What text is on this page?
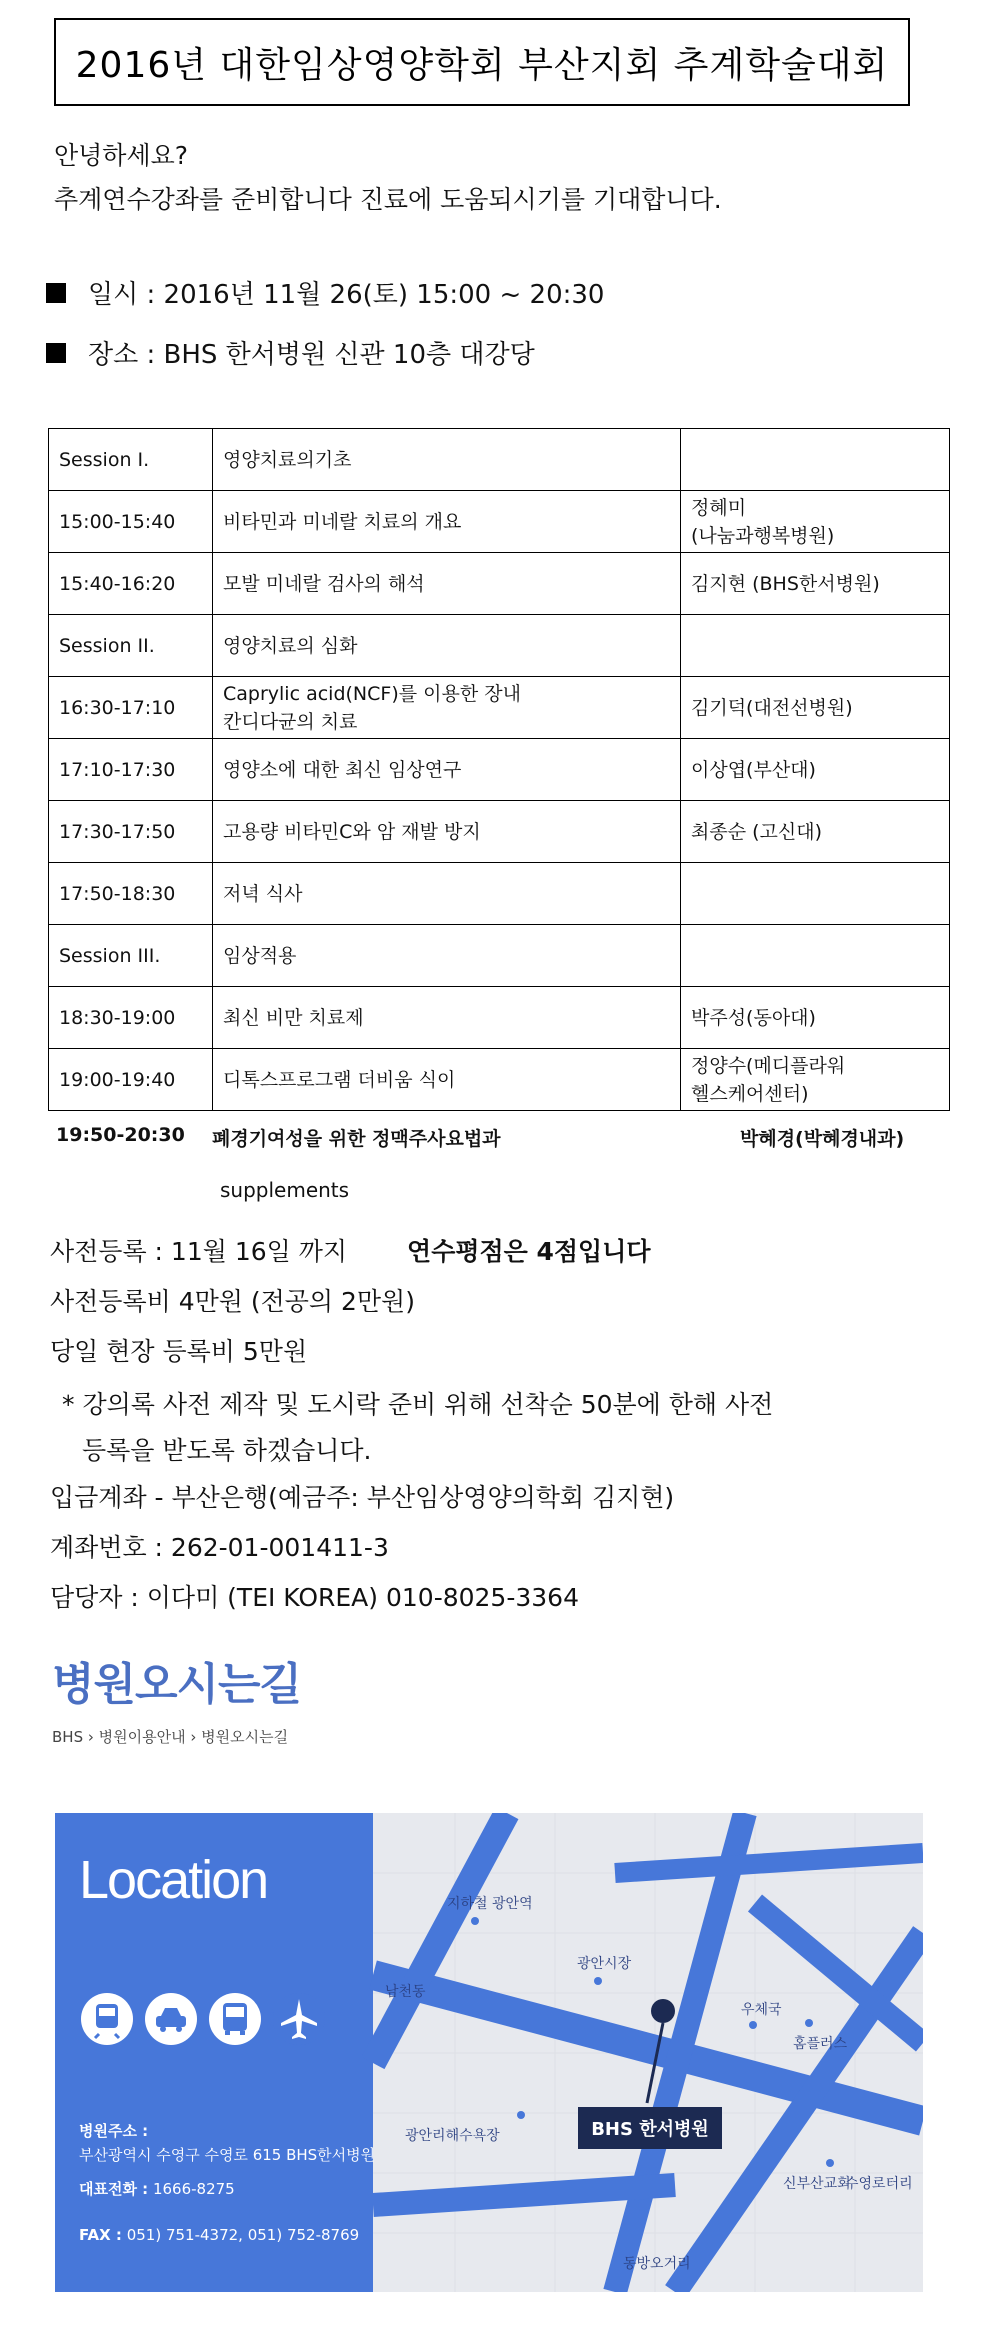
2016년 대한임상영양학회 부산지회 추계학술대회
안녕하세요?
추계연수강좌를 준비합니다 진료에 도움되시기를 기대합니다.
일시 : 2016년 11월 26(토) 15:00 ~ 20:30
장소 : BHS 한서병원 신관 10층 대강당
Session I.	영양치료의기초	
15:00-15:40	비타민과 미네랄 치료의 개요	정혜미
(나눔과행복병원)

15:40-16:20	모발 미네랄 검사의 해석	김지현 (BHS한서병원)
Session II.	영양치료의 심화	
16:30-17:10	Caprylic acid(NCF)를 이용한 장내
칸디다균의 치료	김기덕(대전선병원)
17:10-17:30	영양소에 대한 최신 임상연구	이상엽(부산대)
17:30-17:50	고용량 비타민C와 암 재발 방지	최종순 (고신대)
17:50-18:30	저녁 식사	
Session III.	임상적용	
18:30-19:00	최신 비만 치료제	박주성(동아대)
19:00-19:40	디톡스프로그램 더비움 식이	정양수(메디플라워
헬스케어센터)
19:50-20:30 폐경기여성을 위한 정맥주사요법과	박혜경(박혜경내과)
supplements
사전등록 : 11월 16일 까지 연수평점은 4점입니다
사전등록비 4만원 (전공의 2만원)
당일 현장 등록비 5만원
* 강의록 사전 제작 및 도시락 준비 위해 선착순 50분에 한해 사전
등록을 받도록 하겠습니다.
입금계좌 - 부산은행(예금주: 부산임상영양의학회 김지현)
계좌번호 : 262-01-001411-3
담당자 : 이다미 (TEI KOREA) 010-8025-3364
병원오시는길
BHS › 병원이용안내 › 병원오시는길
Location
병원주소 :
부산광역시 수영구 수영로 615 BHS한서병원
대표전화 : 1666-8275
FAX : 051) 751-4372, 051) 752-8769
지하철 광안역
광안시장
남천동
우체국
홈플러스
광안리해수욕장
신부산교회
수영로터리
동방오거리
BHS 한서병원
